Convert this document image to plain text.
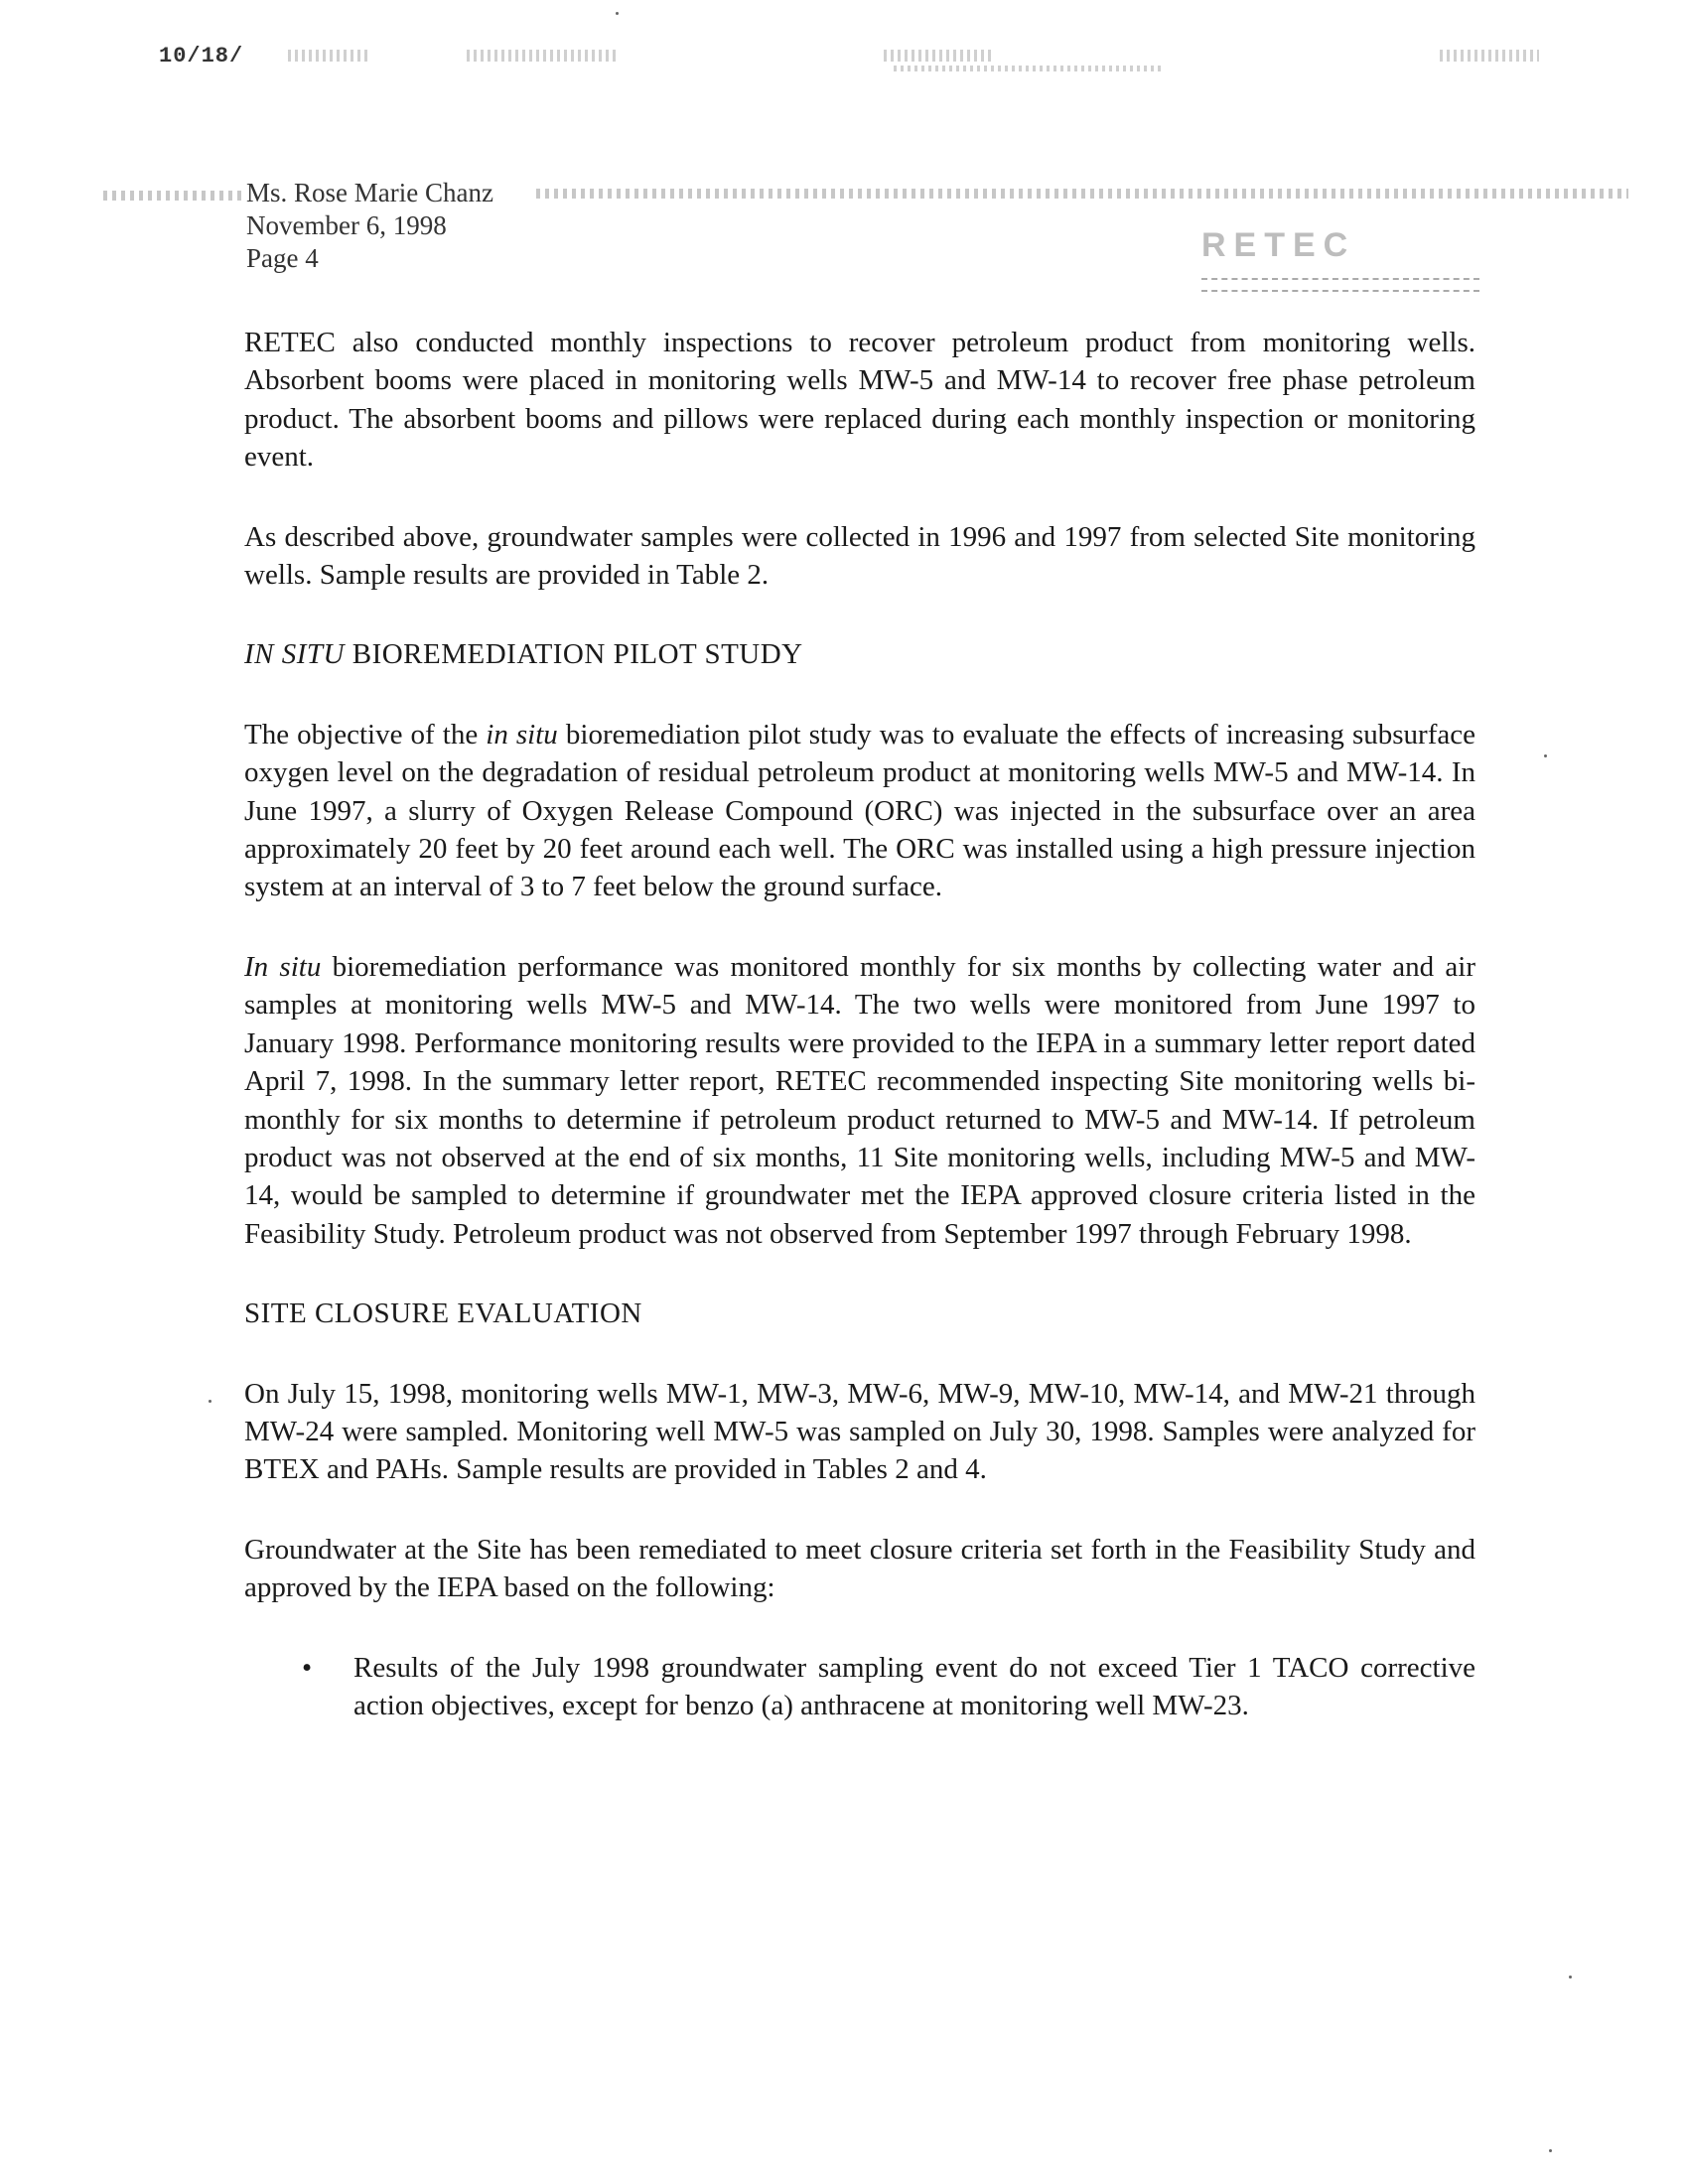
10/18/
Ms. Rose Marie Chanz
November 6, 1998
Page 4	RETEC

RETEC also conducted monthly inspections to recover petroleum product from monitoring wells. Absorbent booms were placed in monitoring wells MW-5 and MW-14 to recover free phase petroleum product. The absorbent booms and pillows were replaced during each monthly inspection or monitoring event.

As described above, groundwater samples were collected in 1996 and 1997 from selected Site monitoring wells. Sample results are provided in Table 2.

IN SITU BIOREMEDIATION PILOT STUDY

The objective of the in situ bioremediation pilot study was to evaluate the effects of increasing subsurface oxygen level on the degradation of residual petroleum product at monitoring wells MW-5 and MW-14. In June 1997, a slurry of Oxygen Release Compound (ORC) was injected in the subsurface over an area approximately 20 feet by 20 feet around each well. The ORC was installed using a high pressure injection system at an interval of 3 to 7 feet below the ground surface.

In situ bioremediation performance was monitored monthly for six months by collecting water and air samples at monitoring wells MW-5 and MW-14. The two wells were monitored from June 1997 to January 1998. Performance monitoring results were provided to the IEPA in a summary letter report dated April 7, 1998. In the summary letter report, RETEC recommended inspecting Site monitoring wells bi-monthly for six months to determine if petroleum product returned to MW-5 and MW-14. If petroleum product was not observed at the end of six months, 11 Site monitoring wells, including MW-5 and MW-14, would be sampled to determine if groundwater met the IEPA approved closure criteria listed in the Feasibility Study. Petroleum product was not observed from September 1997 through February 1998.

SITE CLOSURE EVALUATION

On July 15, 1998, monitoring wells MW-1, MW-3, MW-6, MW-9, MW-10, MW-14, and MW-21 through MW-24 were sampled. Monitoring well MW-5 was sampled on July 30, 1998. Samples were analyzed for BTEX and PAHs. Sample results are provided in Tables 2 and 4.

Groundwater at the Site has been remediated to meet closure criteria set forth in the Feasibility Study and approved by the IEPA based on the following:

• Results of the July 1998 groundwater sampling event do not exceed Tier 1 TACO corrective action objectives, except for benzo (a) anthracene at monitoring well MW-23.
